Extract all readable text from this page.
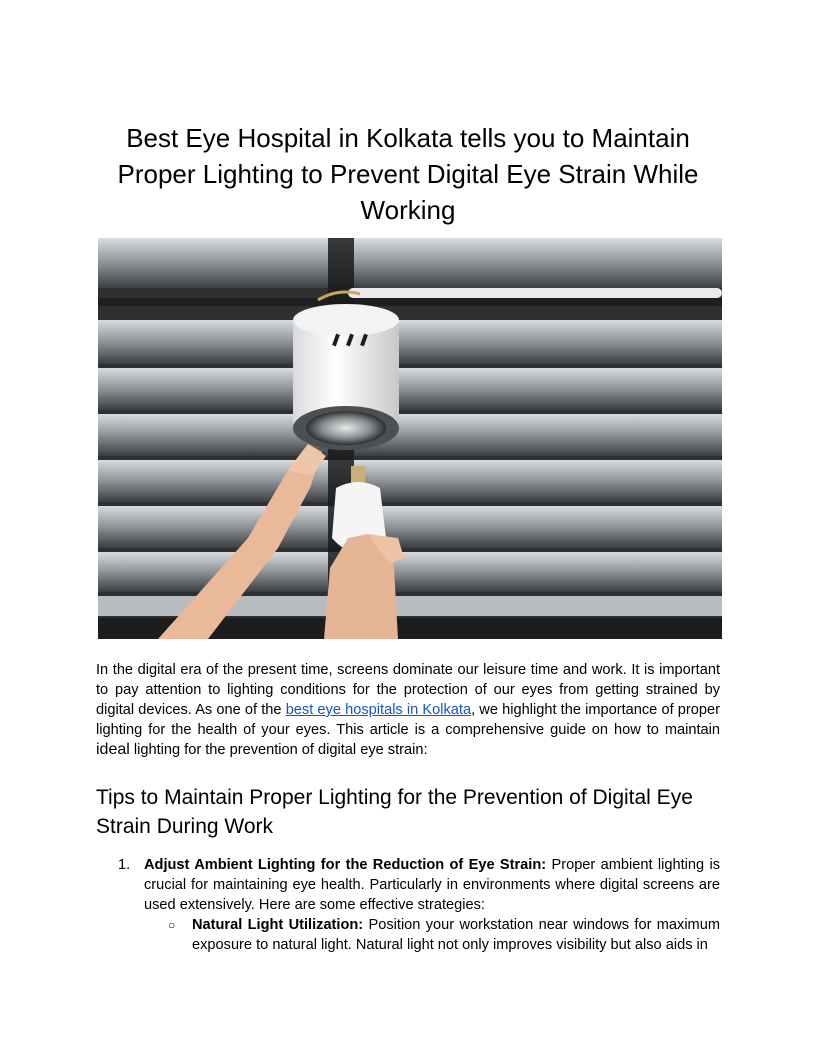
Best Eye Hospital in Kolkata tells you to Maintain Proper Lighting to Prevent Digital Eye Strain While Working

In the digital era of the present time, screens dominate our leisure time and work. It is important to pay attention to lighting conditions for the protection of our eyes from getting strained by digital devices. As one of the best eye hospitals in Kolkata, we highlight the importance of proper lighting for the health of your eyes. This article is a comprehensive guide on how to maintain ideal lighting for the prevention of digital eye strain:

Tips to Maintain Proper Lighting for the Prevention of Digital Eye Strain During Work
1. Adjust Ambient Lighting for the Reduction of Eye Strain: Proper ambient lighting is crucial for maintaining eye health. Particularly in environments where digital screens are used extensively. Here are some effective strategies:
○ Natural Light Utilization: Position your workstation near windows for maximum exposure to natural light. Natural light not only improves visibility but also aids in
